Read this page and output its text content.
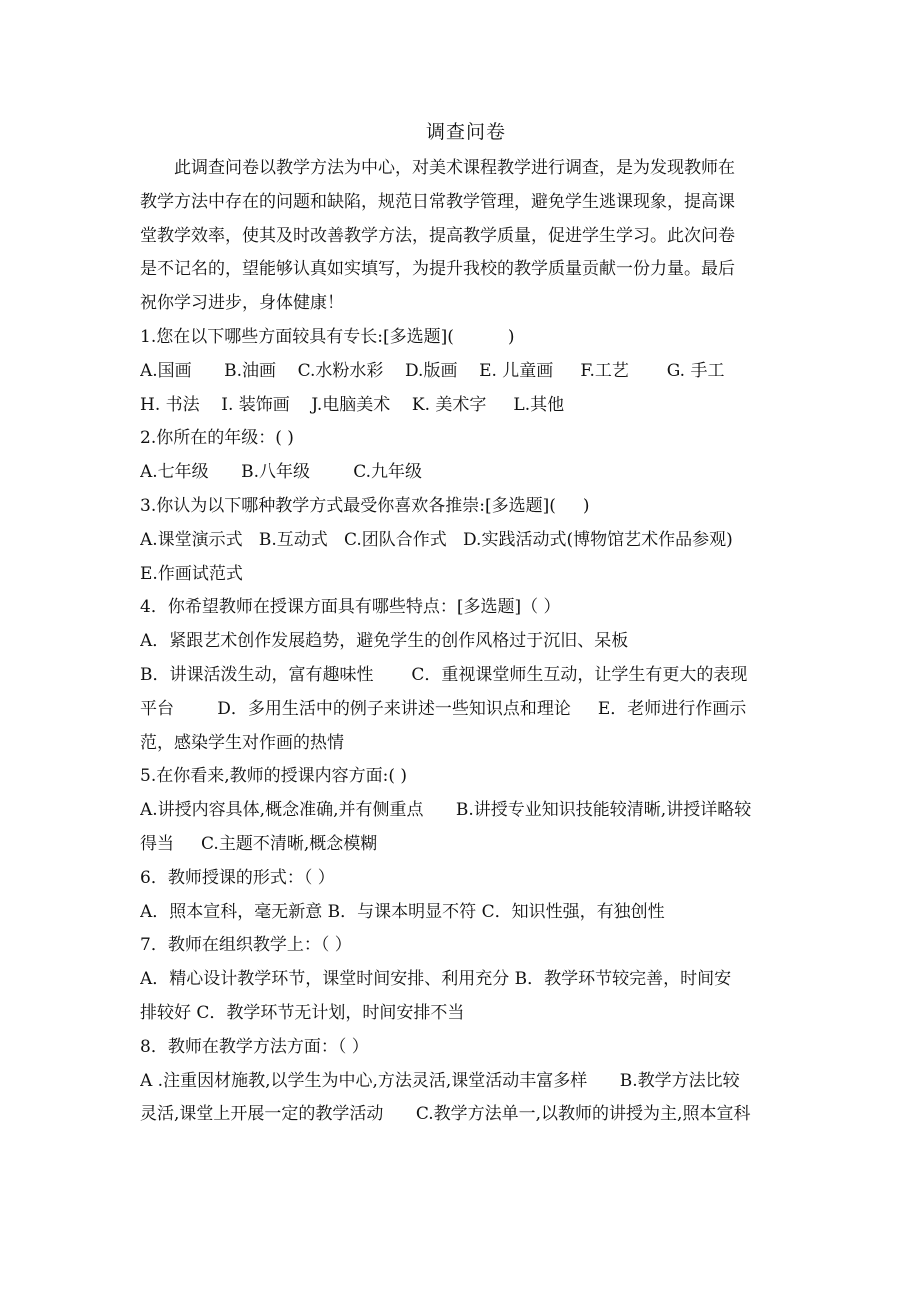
调查问卷
此调查问卷以教学方法为中心，对美术课程教学进行调查，是为发现教师在
教学方法中存在的问题和缺陷，规范日常教学管理，避免学生逃课现象，提高课
堂教学效率，使其及时改善教学方法，提高教学质量，促进学生学习。此次问卷
是不记名的，望能够认真如实填写，为提升我校的教学质量贡献一份力量。最后
祝你学习进步，身体健康！
1.您在以下哪些方面较具有专长:[多选题](          )
A.国画      B.油画    C.水粉水彩    D.版画    E. 儿童画     F.工艺       G. 手工
H. 书法    I. 装饰画    J.电脑美术    K. 美术字     L.其他
2.你所在的年级：( )
A.七年级      B.八年级        C.九年级
3.你认为以下哪种教学方式最受你喜欢各推崇:[多选题](     )
A.课堂演示式   B.互动式   C.团队合作式   D.实践活动式(博物馆艺术作品参观)
E.作画试范式
4．你希望教师在授课方面具有哪些特点：[多选题]（ ）
A．紧跟艺术创作发展趋势，避免学生的创作风格过于沉旧、呆板
B．讲课活泼生动，富有趣味性       C．重视课堂师生互动，让学生有更大的表现
平台        D．多用生活中的例子来讲述一些知识点和理论     E．老师进行作画示
范，感染学生对作画的热情
5.在你看来,教师的授课内容方面:( )
A.讲授内容具体,概念准确,并有侧重点      B.讲授专业知识技能较清晰,讲授详略较
得当     C.主题不清晰,概念模糊
6．教师授课的形式：（ ）
A．照本宣科，毫无新意 B．与课本明显不符 C．知识性强，有独创性
7．教师在组织教学上：（ ）
A．精心设计教学环节，课堂时间安排、利用充分 B．教学环节较完善，时间安
排较好 C．教学环节无计划，时间安排不当
8．教师在教学方法方面：（ ）
A .注重因材施教,以学生为中心,方法灵活,课堂活动丰富多样      B.教学方法比较
灵活,课堂上开展一定的教学活动      C.教学方法单一,以教师的讲授为主,照本宣科
